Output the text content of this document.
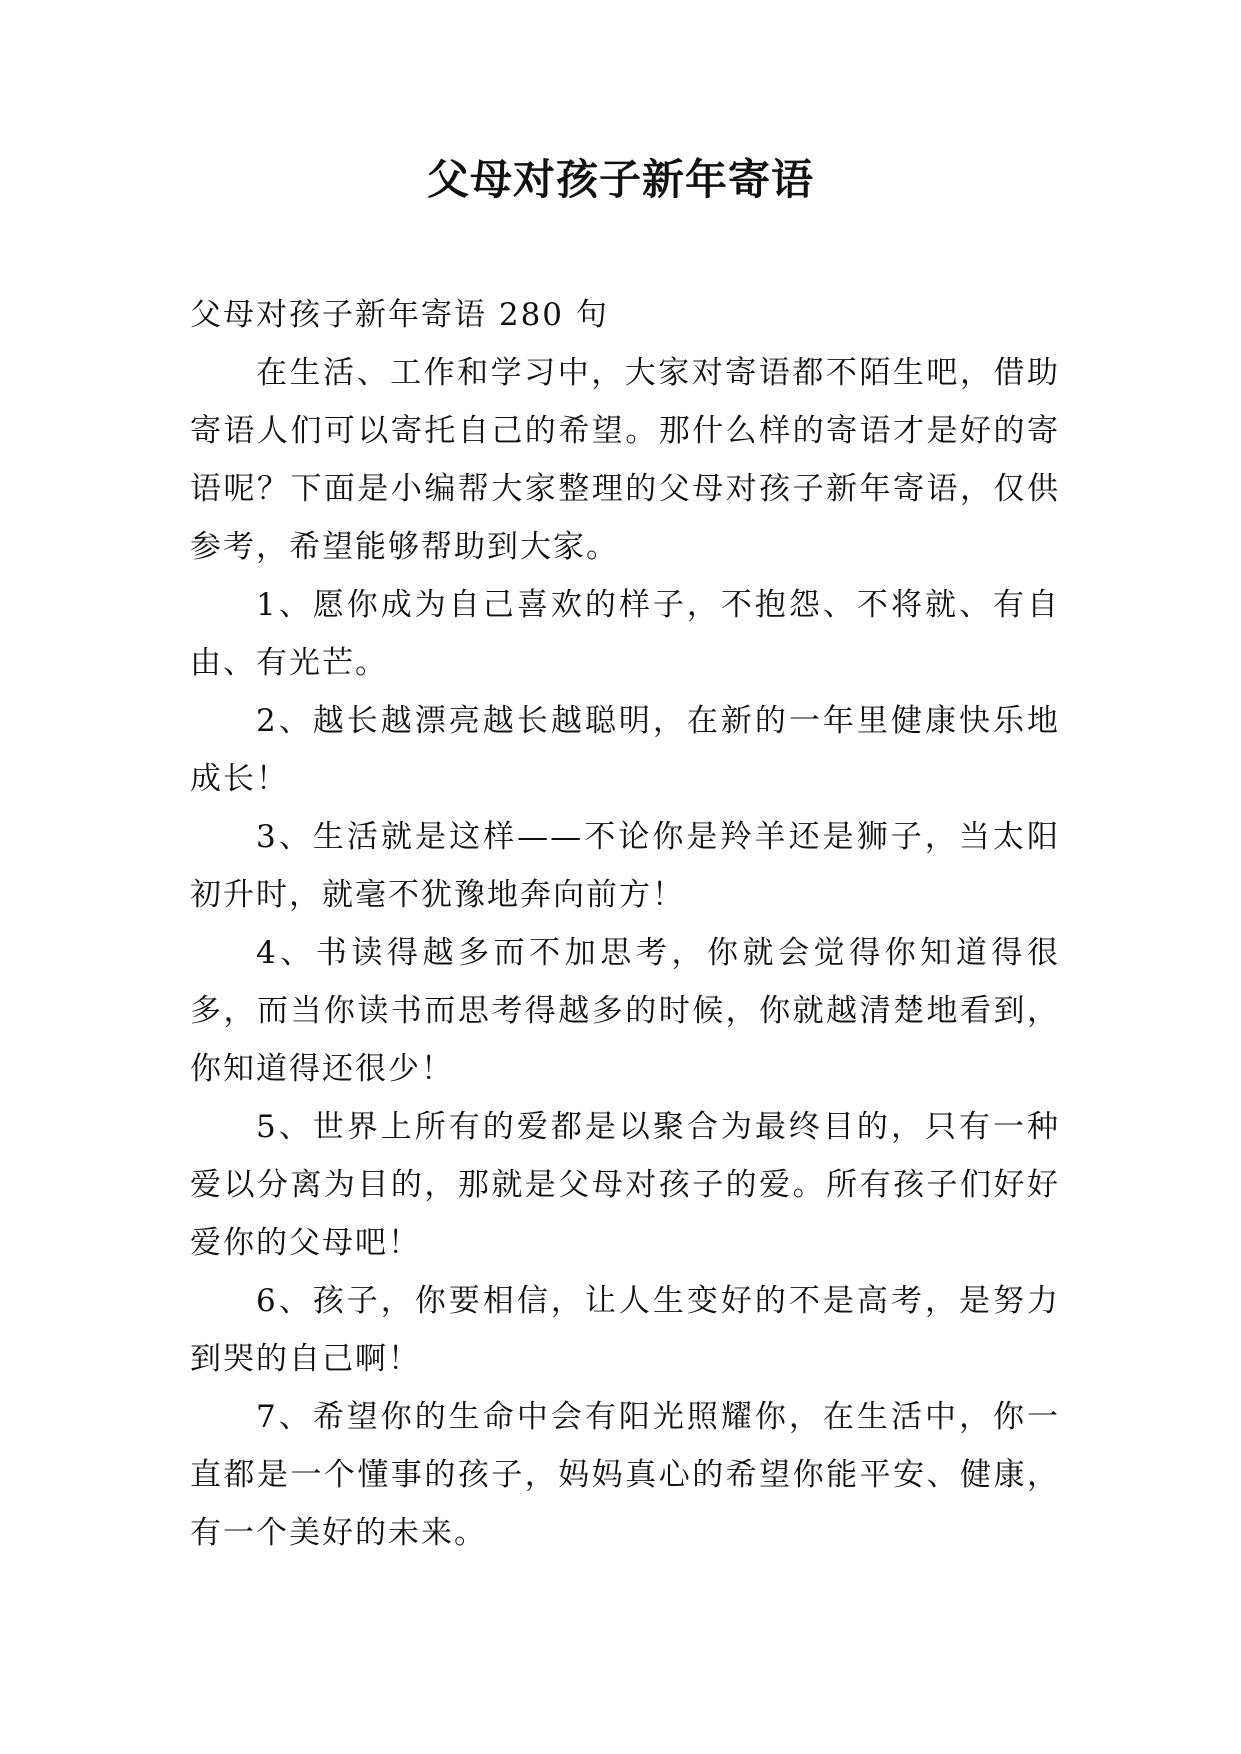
父母对孩子新年寄语

父母对孩子新年寄语 280 句

在生活、工作和学习中，大家对寄语都不陌生吧，借助寄语人们可以寄托自己的希望。那什么样的寄语才是好的寄语呢？下面是小编帮大家整理的父母对孩子新年寄语，仅供参考，希望能够帮助到大家。

1、愿你成为自己喜欢的样子，不抱怨、不将就、有自由、有光芒。

2、越长越漂亮越长越聪明，在新的一年里健康快乐地成长！

3、生活就是这样——不论你是羚羊还是狮子，当太阳初升时，就毫不犹豫地奔向前方！

4、书读得越多而不加思考，你就会觉得你知道得很多，而当你读书而思考得越多的时候，你就越清楚地看到，你知道得还很少！

5、世界上所有的爱都是以聚合为最终目的，只有一种爱以分离为目的，那就是父母对孩子的爱。所有孩子们好好爱你的父母吧！

6、孩子，你要相信，让人生变好的不是高考，是努力到哭的自己啊！

7、希望你的生命中会有阳光照耀你，在生活中，你一直都是一个懂事的孩子，妈妈真心的希望你能平安、健康，有一个美好的未来。
